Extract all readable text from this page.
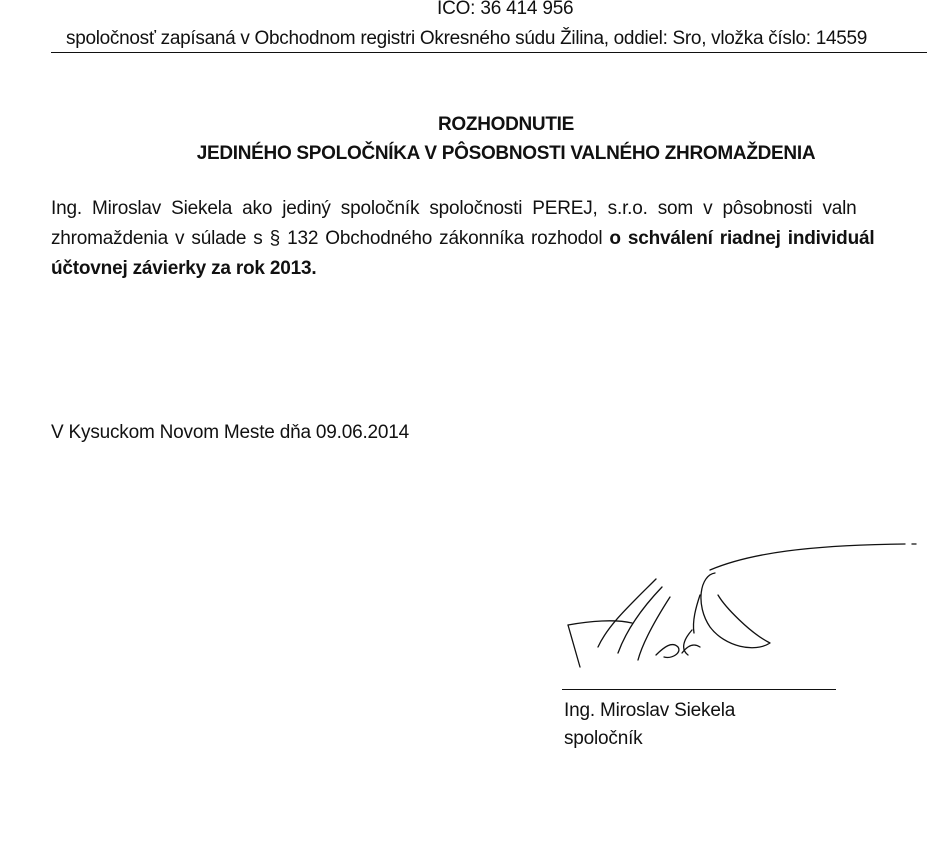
ICO: 36 414 956
spoločnosť zapísaná v Obchodnom registri Okresného súdu Žilina, oddiel: Sro, vložka číslo: 14559
ROZHODNUTIE
JEDINÉHO SPOLOČNÍKA V PÔSOBNOSTI VALNÉHO ZHROMAŽDENIA
Ing. Miroslav Siekela ako jediný spoločník spoločnosti PEREJ, s.r.o. som v pôsobnosti valn
zhromaždenia v súlade s § 132 Obchodného zákonníka rozhodol o schválení riadnej individuál
účtovnej závierky za rok 2013.
V Kysuckom Novom Meste dňa 09.06.2014
Ing. Miroslav Siekela
spoločník
